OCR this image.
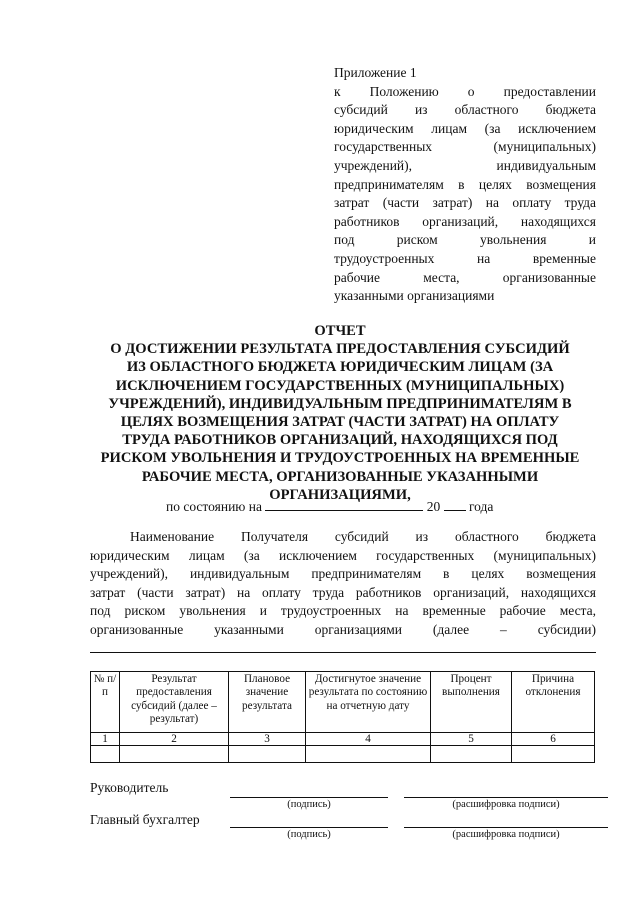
Приложение 1
к Положению о предоставлении
субсидий из областного бюджета
юридическим лицам (за исключением
государственных (муниципальных)
учреждений), индивидуальным
предпринимателям в целях возмещения
затрат (части затрат) на оплату труда
работников организаций, находящихся
под риском увольнения и
трудоустроенных на временные
рабочие места, организованные
указанными организациями
ОТЧЕТ
О ДОСТИЖЕНИИ РЕЗУЛЬТАТА ПРЕДОСТАВЛЕНИЯ СУБСИДИЙ
ИЗ ОБЛАСТНОГО БЮДЖЕТА ЮРИДИЧЕСКИМ ЛИЦАМ (ЗА
ИСКЛЮЧЕНИЕМ ГОСУДАРСТВЕННЫХ (МУНИЦИПАЛЬНЫХ)
УЧРЕЖДЕНИЙ), ИНДИВИДУАЛЬНЫМ ПРЕДПРИНИМАТЕЛЯМ В
ЦЕЛЯХ ВОЗМЕЩЕНИЯ ЗАТРАТ (ЧАСТИ ЗАТРАТ) НА ОПЛАТУ
ТРУДА РАБОТНИКОВ ОРГАНИЗАЦИЙ, НАХОДЯЩИХСЯ ПОД
РИСКОМ УВОЛЬНЕНИЯ И ТРУДОУСТРОЕННЫХ НА ВРЕМЕННЫЕ
РАБОЧИЕ МЕСТА, ОРГАНИЗОВАННЫЕ УКАЗАННЫМИ
ОРГАНИЗАЦИЯМИ,
по состоянию на	20 года
Наименование Получателя субсидий из областного бюджета
юридическим лицам (за исключением государственных (муниципальных)
учреждений), индивидуальным предпринимателям в целях возмещения
затрат (части затрат) на оплату труда работников организаций, находящихся
под риском увольнения и трудоустроенных на временные рабочие места,
организованные указанными организациями (далее – субсидии)
№ п/п	Результат предоставления субсидий (далее – результат)	Плановое значение результата	Достигнутое значение результата по состоянию на отчетную дату	Процент выполнения	Причина отклонения
1	2	3	4	5	6

Руководитель
(подпись)	(расшифровка подписи)
Главный бухгалтер
(подпись)	(расшифровка подписи)
